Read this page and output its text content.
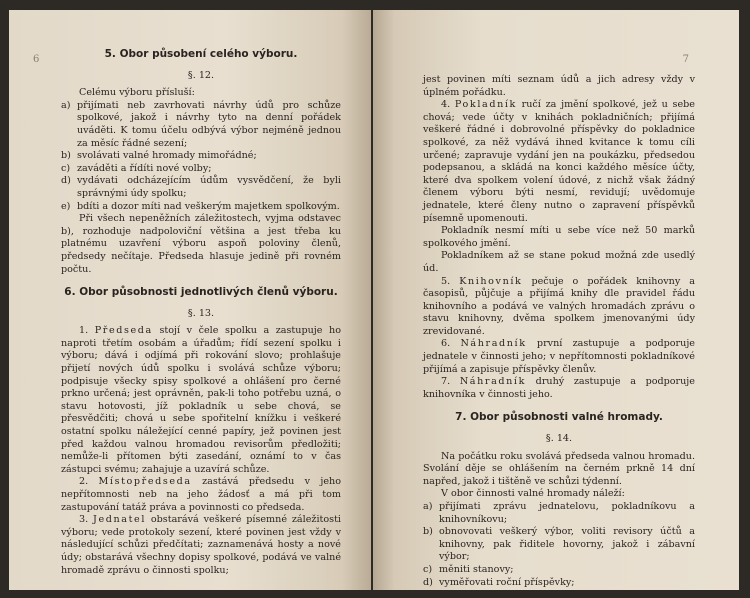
6	5. Obor působení celého výboru.
§. 12.

Celému výboru přísluší:

a) přijímati neb zavrhovati návrhy údů pro schůze spolkové, jakož i návrhy tyto na denní pořádek uváděti. K tomu účelu odbývá výbor nejméně jednou za měsíc řádné sezení;
b) svolávati valné hromady mimořádné;
c) zaváděti a řídíti nové volby;
d) vydávati odcházejícím údům vysvědčení, že byli správnými údy spolku;
e) bdíti a dozor míti nad veškerým majetkem spolkovým.

Při všech nepeněžních záležitostech, vyjma odstavec b), rozhoduje nadpoloviční většina a jest třeba ku platnému uzavření výboru aspoň poloviny členů, předsedy nečítaje. Předseda hlasuje jedině při rovném počtu.

6. Obor působnosti jednotlivých členů výboru.
§. 13.

1. Předseda stojí v čele spolku a zastupuje ho naproti třetím osobám a úřadům; řídí sezení spolku i výboru; dává i odjímá při rokování slovo; prohlašuje přijetí nových údů spolku i svolává schůze výboru; podpisuje všecky spisy spolkové a ohlášení pro černé prkno určená; jest oprávněn, pak-li toho potřebu uzná, o stavu hotovosti, jíž pokladník u sebe chová, se přesvědčiti; chová u sebe spořitelní knížku i veškeré ostatní spolku náležející cenné papíry, jež povinen jest před každou valnou hromadou revisorům předložiti; nemůže-li přítomen býti zasedání, oznámí to v čas zástupci svému; zahajuje a uzavírá schůze.

2. Místopředseda zastává předsedu v jeho nepřítomnosti neb na jeho žádosť a má při tom zastupování tatáž práva a povinnosti co předseda.

3. Jednatel obstarává veškeré písemné záležitosti výboru; vede protokoly sezení, které povinen jest vždy v následující schůzi předčítati; zaznamenává hosty a nové údy; obstarává všechny dopisy spolkové, podává ve valné hromadě zprávu o činnosti spolku;

7

jest povinen míti seznam údů a jich adresy vždy v úplném pořádku.

4. Pokladník ručí za jmění spolkové, jež u sebe chová; vede účty v knihách pokladničních; přijímá veškeré řádné i dobrovolné příspěvky do pokladnice spolkové, za něž vydává ihned kvitance k tomu cíli určené; zapravuje vydání jen na poukázku, předsedou podepsanou, a skládá na konci každého měsíce účty, které dva spolkem volení údové, z nichž však žádný členem výboru býti nesmí, revidují; uvědomuje jednatele, které členy nutno o zapravení příspěvků písemně upomenouti.

Pokladník nesmí míti u sebe více než 50 marků spolkového jmění.

Pokladníkem až se stane pokud možná zde usedlý úd.

5. Knihovník pečuje o pořádek knihovny a časopisů, půjčuje a přijímá knihy dle pravidel řádu knihovního a podává ve valných hromadách zprávu o stavu knihovny, dvěma spolkem jmenovanými údy zrevidované.

6. Náhradník první zastupuje a podporuje jednatele v činnosti jeho; v nepřítomnosti pokladníkové přijímá a zapisuje příspěvky členův.

7. Náhradník druhý zastupuje a podporuje knihovníka v činnosti jeho.

7. Obor působnosti valné hromady.
§. 14.

Na počátku roku svolává předseda valnou hromadu. Svolání děje se ohlášením na černém prkně 14 dní napřed, jakož i tištěně ve schůzi týdenní.

V obor činnosti valné hromady náleží:

a) přijímati zprávu jednatelovu, pokladníkovu a knihovníkovu;
b) obnovovati veškerý výbor, voliti revisory účtů a knihovny, pak řiditele hovorny, jakož i zábavní výbor;
c) měniti stanovy;
d) vyměřovati roční příspěvky;
